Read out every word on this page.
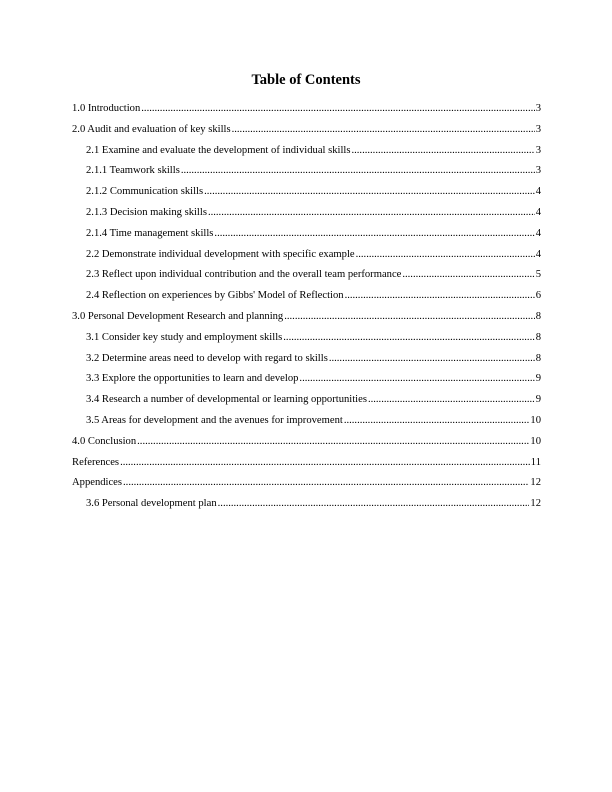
Table of Contents
1.0 Introduction .....	3
2.0 Audit and evaluation of key skills .....	3
2.1 Examine and evaluate the development of individual skills .....	3
2.1.1 Teamwork skills .....	3
2.1.2 Communication skills .....	4
2.1.3 Decision making skills .....	4
2.1.4 Time management skills .....	4
2.2 Demonstrate individual development with specific example .....	4
2.3 Reflect upon individual contribution and the overall team performance .....	5
2.4 Reflection on experiences by Gibbs' Model of Reflection .....	6
3.0 Personal Development Research and planning .....	8
3.1 Consider key study and employment skills .....	8
3.2 Determine areas need to develop with regard to skills .....	8
3.3 Explore the opportunities to learn and develop .....	9
3.4 Research a number of developmental or learning opportunities .....	9
3.5 Areas for development and the avenues for improvement .....	10
4.0 Conclusion .....	10
References .....	11
Appendices .....	12
3.6 Personal development plan .....	12
